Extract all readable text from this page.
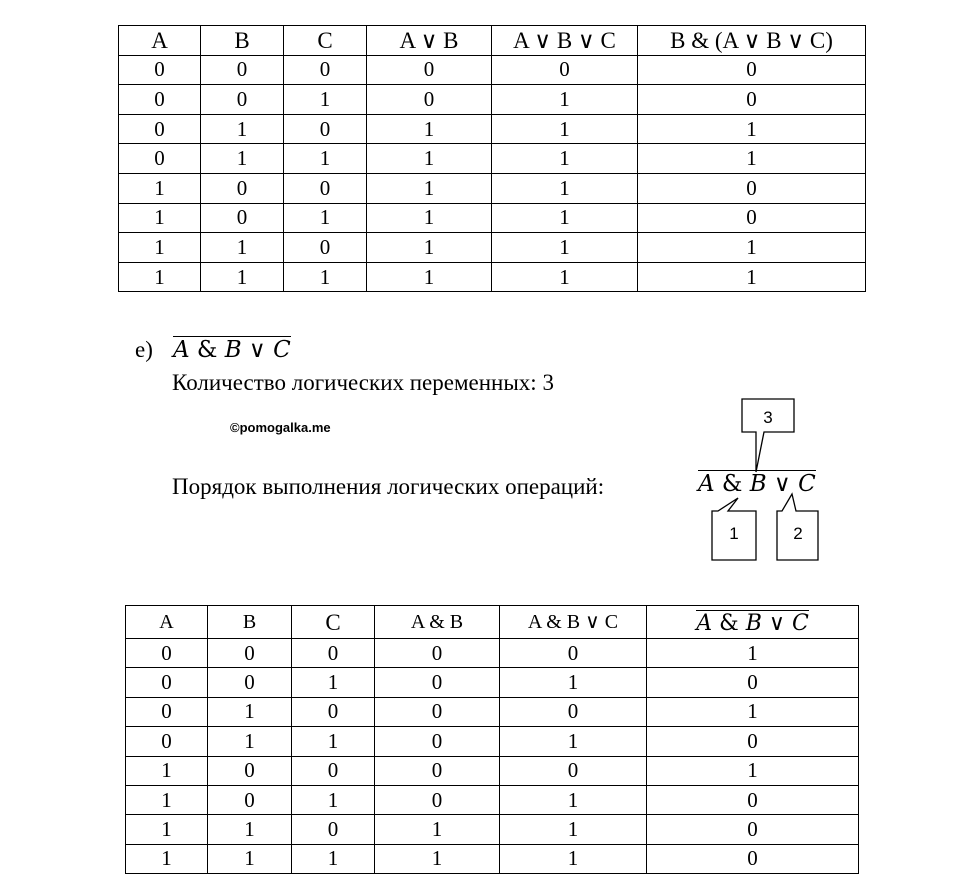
A	B	C	A ∨ B	A ∨ B ∨ C	B & (A ∨ B ∨ C)
0	0	0	0	0	0
0	0	1	0	1	0
0	1	0	1	1	1
0	1	1	1	1	1
1	0	0	1	1	0
1	0	1	1	1	0
1	1	0	1	1	1
1	1	1	1	1	1
е) A & B ∨ C
Количество логических переменных: 3
©pomogalka.me
Порядок выполнения логических операций:	A & B ∨ C
3
1	2
A	B	C	A & B	A & B ∨ C	A & B ∨ C
0	0	0	0	0	1
0	0	1	0	1	0
0	1	0	0	0	1
0	1	1	0	1	0
1	0	0	0	0	1
1	0	1	0	1	0
1	1	0	1	1	0
1	1	1	1	1	0
